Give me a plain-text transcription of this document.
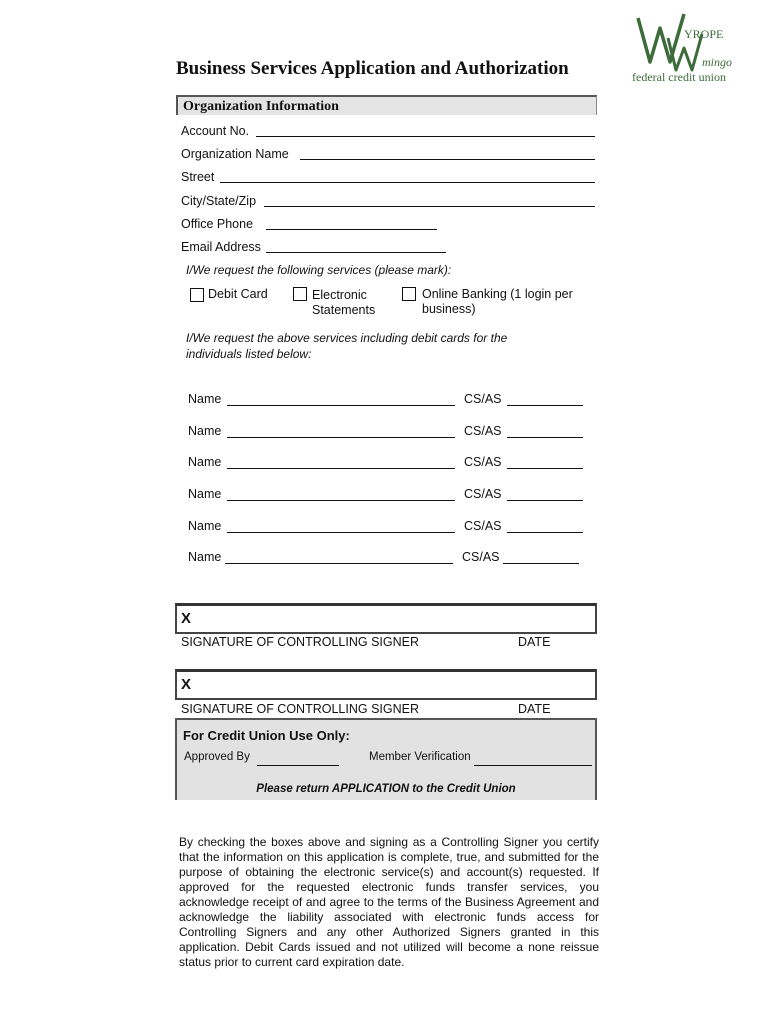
YROPE
mingo
federal credit union
Business Services Application and Authorization
Organization Information
Account No.
Organization Name
Street
City/State/Zip
Office Phone
Email Address
I/We request the following services (please mark):
Debit Card	Electronic
Statements
Online Banking (1 login per
business)
I/We request the above services including debit cards for the
individuals listed below:
Name	CS/AS
Name	CS/AS
Name	CS/AS
Name	CS/AS
Name	CS/AS
Name	CS/AS
X
SIGNATURE OF CONTROLLING SIGNER	DATE
X
SIGNATURE OF CONTROLLING SIGNER	DATE
For Credit Union Use Only:
Approved By	Member Verification
Please return APPLICATION to the Credit Union
By checking the boxes above and signing as a Controlling Signer you certify that the information on this application is complete, true, and submitted for the purpose of obtaining the electronic service(s) and account(s) requested. If approved for the requested electronic funds transfer services, you acknowledge receipt of and agree to the terms of the Business Agreement and acknowledge the liability associated with electronic funds access for Controlling Signers and any other Authorized Signers granted in this application. Debit Cards issued and not utilized will become a none reissue status prior to current card expiration date.
